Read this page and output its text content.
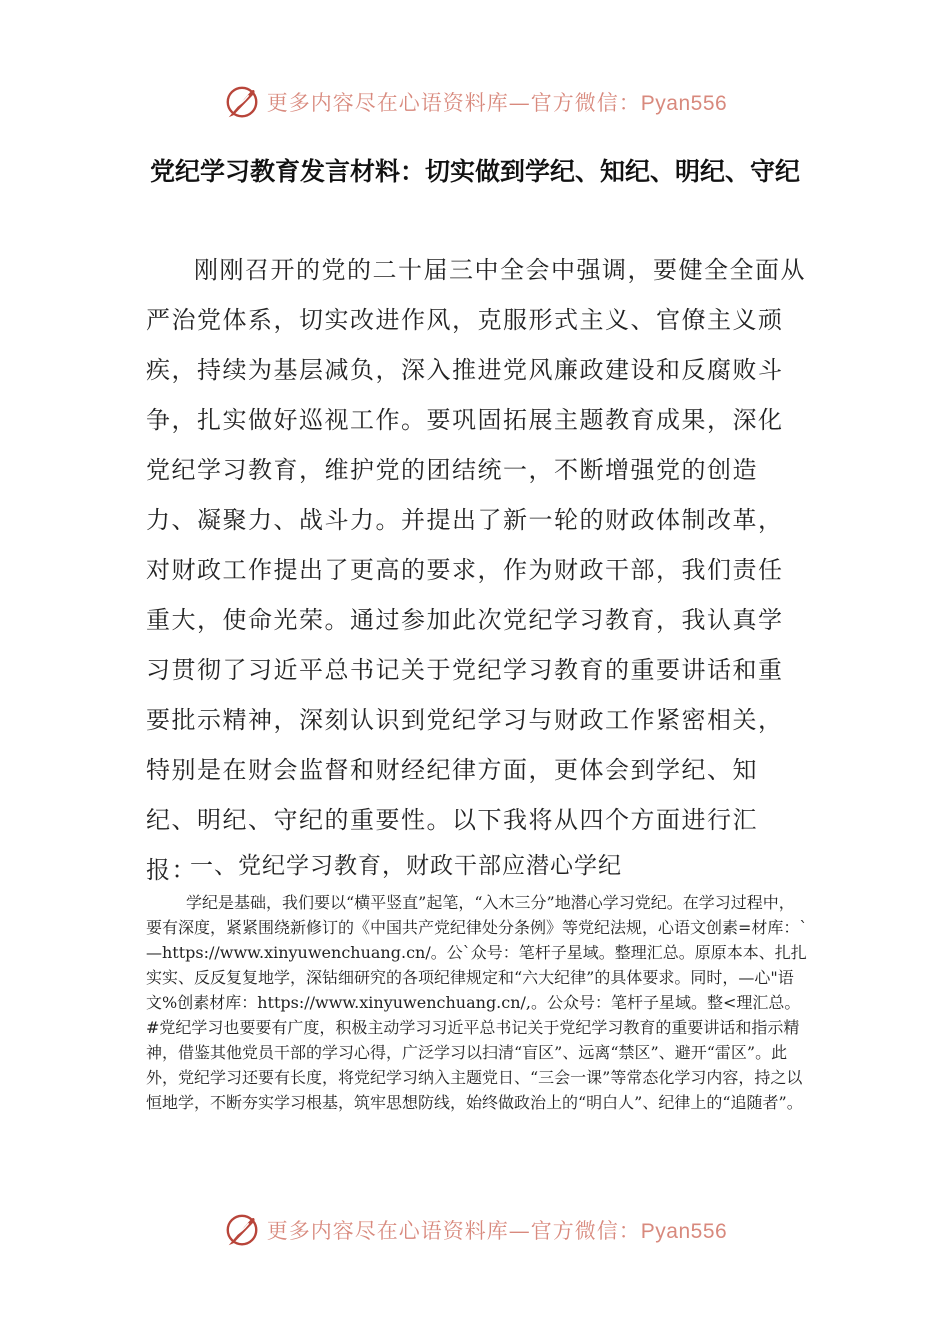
更多内容尽在心语资料库—官方微信：Pyan556
党纪学习教育发言材料：切实做到学纪、知纪、明纪、守纪

刚刚召开的党的二十届三中全会中强调，要健全全面从严治党体系，切实改进作风，克服形式主义、官僚主义顽疾，持续为基层减负，深入推进党风廉政建设和反腐败斗争，扎实做好巡视工作。要巩固拓展主题教育成果，深化党纪学习教育，维护党的团结统一，不断增强党的创造力、凝聚力、战斗力。并提出了新一轮的财政体制改革，对财政工作提出了更高的要求，作为财政干部，我们责任重大，使命光荣。通过参加此次党纪学习教育，我认真学习贯彻了习近平总书记关于党纪学习教育的重要讲话和重要批示精神，深刻认识到党纪学习与财政工作紧密相关，特别是在财会监督和财经纪律方面，更体会到学纪、知纪、明纪、守纪的重要性。以下我将从四个方面进行汇报：

一、党纪学习教育，财政干部应潜心学纪

学纪是基础，我们要以“横平竖直”起笔，“入木三分”地潜心学习党纪。在学习过程中，要有深度，紧紧围绕新修订的《中国共产党纪律处分条例》等党纪法规，心语文创素=材库：`—https://www.xinyuwenchuang.cn/。公`众号：笔杆子星域。整理汇总。原原本本、扎扎实实、反反复复地学，深钻细研究的各项纪律规定和“六大纪律”的具体要求。同时，—心"语文%创素材库：https://www.xinyuwenchuang.cn/,。公众号：笔杆子星域。整<理汇总。#党纪学习也要要有广度，积极主动学习习近平总书记关于党纪学习教育的重要讲话和指示精神，借鉴其他党员干部的学习心得，广泛学习以扫清“盲区”、远离“禁区”、避开“雷区”。此外，党纪学习还要有长度，将党纪学习纳入主题党日、“三会一课”等常态化学习内容，持之以恒地学，不断夯实学习根基，筑牢思想防线，始终做政治上的“明白人”、纪律上的“追随者”。

更多内容尽在心语资料库—官方微信：Pyan556
